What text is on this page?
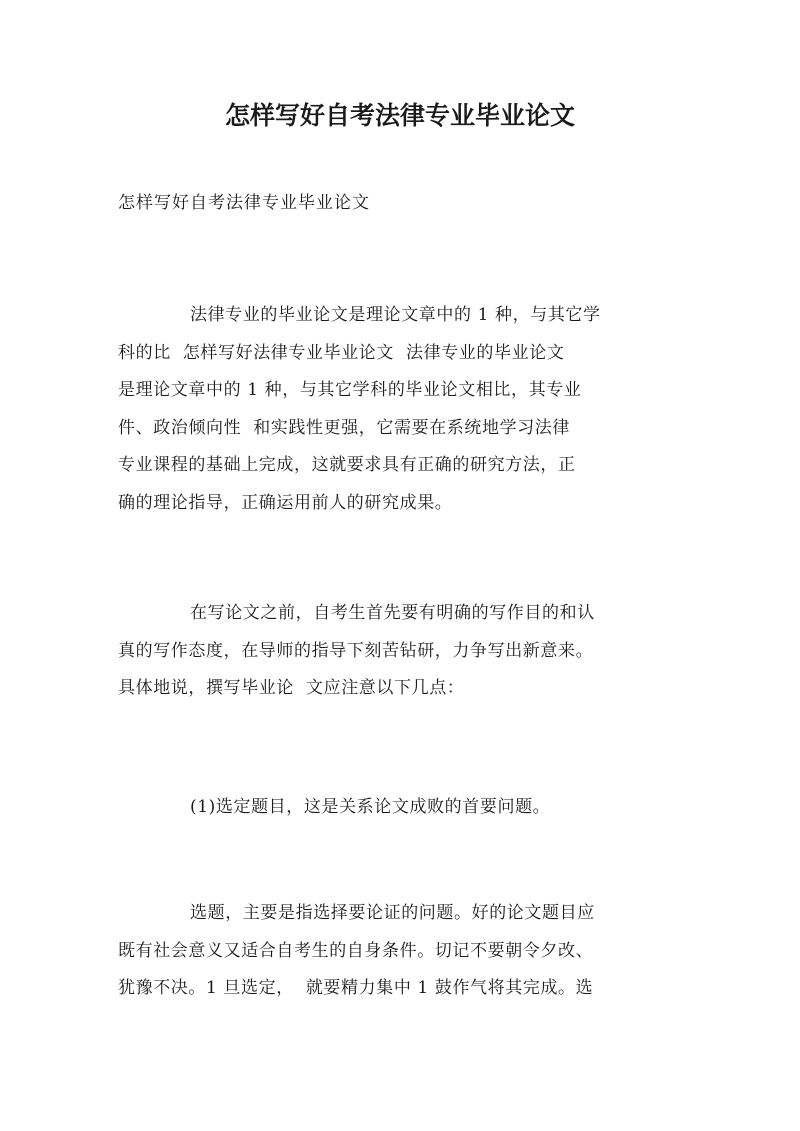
怎样写好自考法律专业毕业论文

怎样写好自考法律专业毕业论文

法律专业的毕业论文是理论文章中的 1 种，与其它学
科的比  怎样写好法律专业毕业论文  法律专业的毕业论文
是理论文章中的 1 种，与其它学科的毕业论文相比，其专业
件、政治倾向性  和实践性更强，它需要在系统地学习法律
专业课程的基础上完成，这就要求具有正确的研究方法，正
确的理论指导，正确运用前人的研究成果。
在写论文之前，自考生首先要有明确的写作目的和认
真的写作态度，在导师的指导下刻苦钻研，力争写出新意来。
具体地说，撰写毕业论  文应注意以下几点：
(1)选定题目，这是关系论文成败的首要问题。
选题，主要是指选择要论证的问题。好的论文题目应
既有社会意义又适合自考生的自身条件。切记不要朝令夕改、
犹豫不决。1 旦选定，  就要精力集中 1 鼓作气将其完成。选
